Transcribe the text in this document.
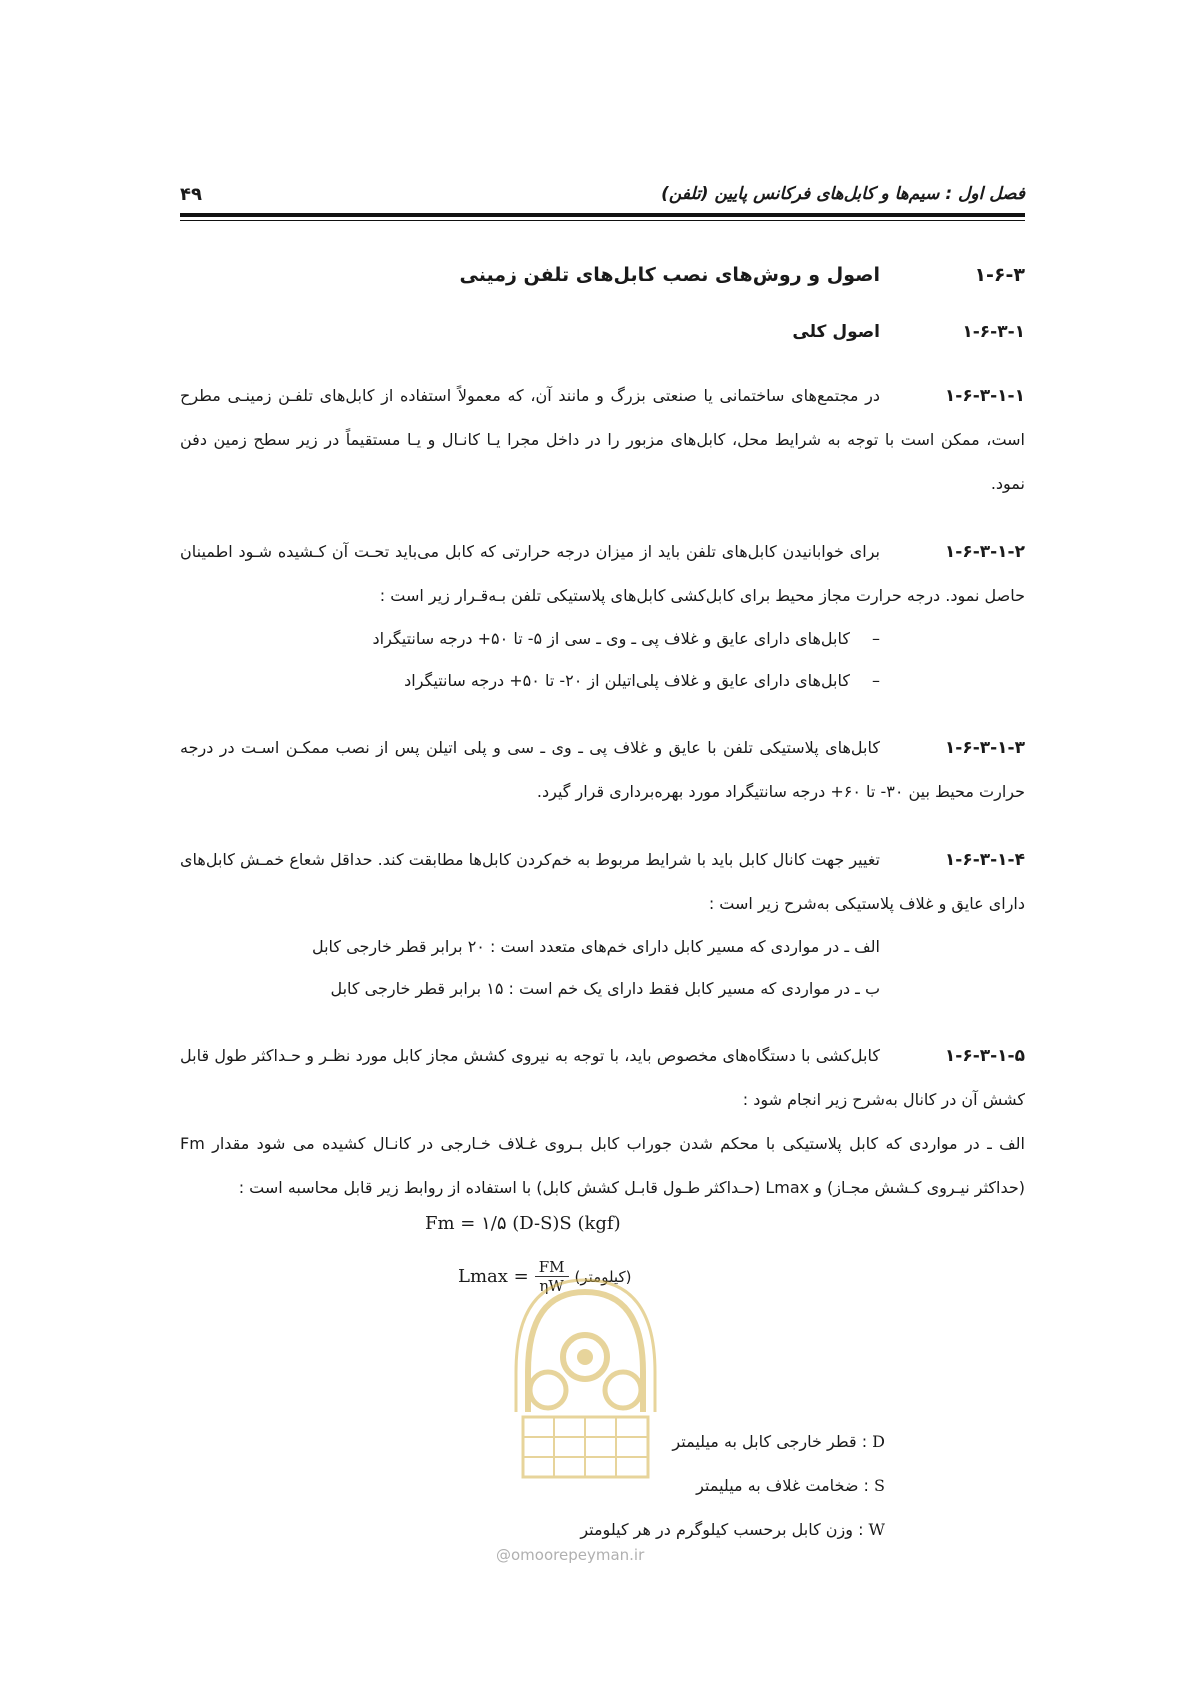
فصل اول : سیم‌ها و کابل‌های فرکانس پایین (تلفن)
۴۹
۱-۶-۳
اصول و روش‌های نصب کابل‌های تلفن زمینی
۱-۶-۳-۱
اصول کلی
۱-۶-۳-۱-۱
در مجتمع‌های ساختمانی یا صنعتی بزرگ و مانند آن، که معمولاً استفاده از کابل‌های تلفـن زمینـی مطرح است، ممکن است با توجه به شرایط محل، کابل‌های مزبور را در داخل مجرا یـا کانـال و یـا مستقیماً در زیر سطح زمین دفن نمود.
۱-۶-۳-۱-۲
برای خوابانیدن کابل‌های تلفن باید از میزان درجه حرارتی که کابل می‌باید تحـت آن کـشیده شـود اطمینان حاصل نمود. درجه حرارت مجاز محیط برای کابل‌کشی کابل‌های پلاستیکی تلفن بـه‌قـرار زیر است :
–کابل‌های دارای عایق و غلاف پی ـ وی ـ سی از ۵- تا ۵۰+ درجه سانتیگراد
–کابل‌های دارای عایق و غلاف پلی‌اتیلن از ۲۰- تا ۵۰+ درجه سانتیگراد
۱-۶-۳-۱-۳
کابل‌های پلاستیکی تلفن با عایق و غلاف پی ـ وی ـ سی و پلی اتیلن پس از نصب ممکـن اسـت در درجه حرارت محیط بین ۳۰- تا ۶۰+ درجه سانتیگراد مورد بهره‌برداری قرار گیرد.
۱-۶-۳-۱-۴
تغییر جهت کانال کابل باید با شرایط مربوط به خم‌کردن کابل‌ها مطابقت کند. حداقل شعاع خمـش کابل‌های دارای عایق و غلاف پلاستیکی به‌شرح زیر است :
الف ـ در مواردی که مسیر کابل دارای خم‌های متعدد است : ۲۰ برابر قطر خارجی کابل
ب ـ در مواردی که مسیر کابل فقط دارای یک خم است : ۱۵ برابر قطر خارجی کابل
۱-۶-۳-۱-۵
کابل‌کشی با دستگاه‌های مخصوص باید، با توجه به نیروی کشش مجاز کابل مورد نظـر و حـداکثر طول قابل کشش آن در کانال به‌شرح زیر انجام شود :
الف ـ در مواردی که کابل پلاستیکی با محکم شدن جوراب کابل بـروی غـلاف خـارجی در کانـال کشیده می شود مقدار Fm (حداکثر نیـروی کـشش مجـاز) و Lmax (حـداکثر طـول قابـل کشش کابل) با استفاده از روابط زیر قابل محاسبه است :
Fm = ۱/۵ (D-S)S (kgf)
$Lmax = \frac{FM}{\eta W}$ (کیلومتر)
D : قطر خارجی کابل به میلیمتر
S : ضخامت غلاف به میلیمتر
W : وزن کابل برحسب کیلوگرم در هر کیلومتر
@omoorepeyman.ir
